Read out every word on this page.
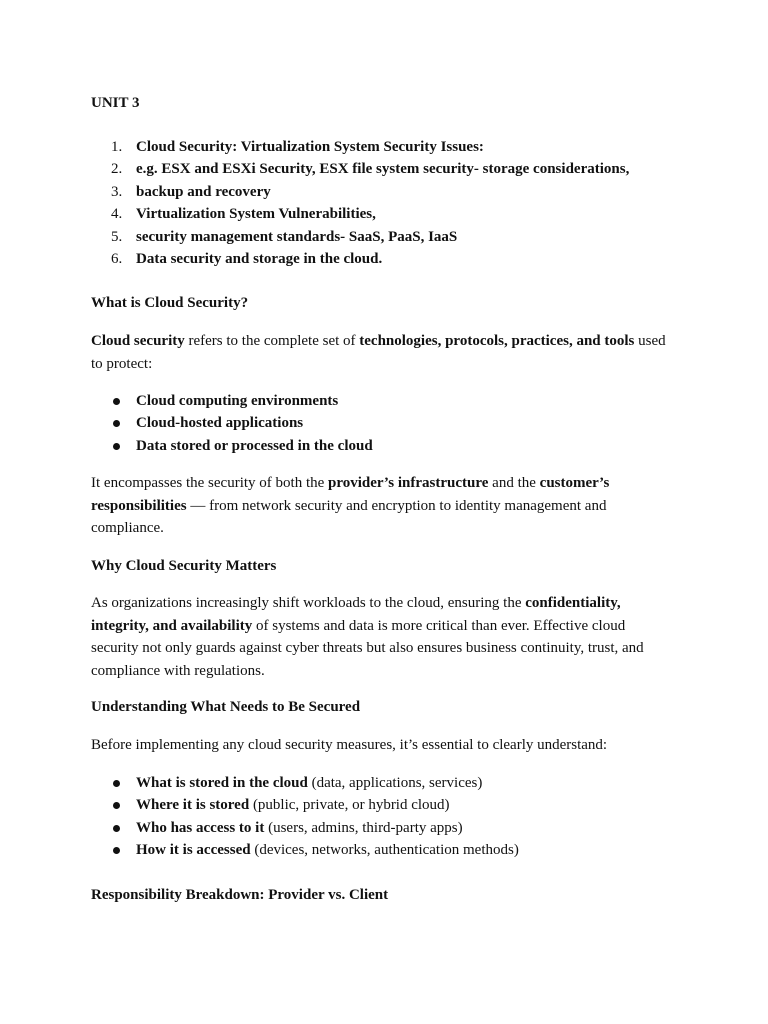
UNIT 3
1. Cloud Security: Virtualization System Security Issues:
2. e.g. ESX and ESXi Security, ESX file system security- storage considerations,
3. backup and recovery
4. Virtualization System Vulnerabilities,
5. security management standards- SaaS, PaaS, IaaS
6. Data security and storage in the cloud.
What is Cloud Security?

Cloud security refers to the complete set of technologies, protocols, practices, and tools used to protect:

Cloud computing environments
Cloud-hosted applications
Data stored or processed in the cloud

It encompasses the security of both the provider’s infrastructure and the customer’s responsibilities — from network security and encryption to identity management and compliance.

Why Cloud Security Matters

As organizations increasingly shift workloads to the cloud, ensuring the confidentiality, integrity, and availability of systems and data is more critical than ever. Effective cloud security not only guards against cyber threats but also ensures business continuity, trust, and compliance with regulations.

Understanding What Needs to Be Secured

Before implementing any cloud security measures, it’s essential to clearly understand:

What is stored in the cloud (data, applications, services)
Where it is stored (public, private, or hybrid cloud)
Who has access to it (users, admins, third-party apps)
How it is accessed (devices, networks, authentication methods)
Responsibility Breakdown: Provider vs. Client
